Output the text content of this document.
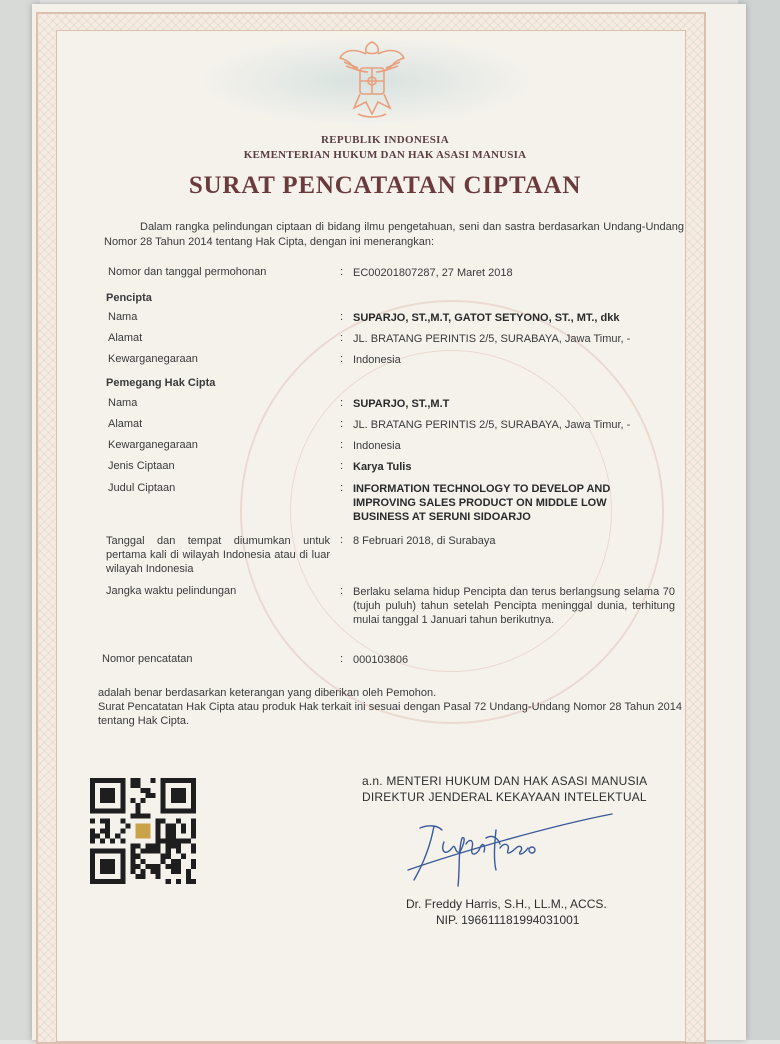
REPUBLIK INDONESIA
KEMENTERIAN HUKUM DAN HAK ASASI MANUSIA
SURAT PENCATATAN CIPTAAN
Dalam rangka pelindungan ciptaan di bidang ilmu pengetahuan, seni dan sastra berdasarkan Undang-Undang Nomor 28 Tahun 2014 tentang Hak Cipta, dengan ini menerangkan:
Nomor dan tanggal permohonan	: EC00201807287, 27 Maret 2018
Pencipta
Nama	: SUPARJO, ST.,M.T, GATOT SETYONO, ST., MT., dkk
Alamat	: JL. BRATANG PERINTIS 2/5, SURABAYA, Jawa Timur, -
Kewarganegaraan	: Indonesia
Pemegang Hak Cipta
Nama	: SUPARJO, ST.,M.T
Alamat	: JL. BRATANG PERINTIS 2/5, SURABAYA, Jawa Timur, -
Kewarganegaraan	: Indonesia
Jenis Ciptaan	: Karya Tulis
Judul Ciptaan	: INFORMATION TECHNOLOGY TO DEVELOP AND IMPROVING SALES PRODUCT ON MIDDLE LOW BUSINESS AT SERUNI SIDOARJO
Tanggal dan tempat diumumkan untuk pertama kali di wilayah Indonesia atau di luar wilayah Indonesia
: 8 Februari 2018, di Surabaya
Jangka waktu pelindungan	: Berlaku selama hidup Pencipta dan terus berlangsung selama 70 (tujuh puluh) tahun setelah Pencipta meninggal dunia, terhitung mulai tanggal 1 Januari tahun berikutnya.
Nomor pencatatan	: 000103806
adalah benar berdasarkan keterangan yang diberikan oleh Pemohon.
Surat Pencatatan Hak Cipta atau produk Hak terkait ini sesuai dengan Pasal 72 Undang-Undang Nomor 28 Tahun 2014 tentang Hak Cipta.
a.n. MENTERI HUKUM DAN HAK ASASI MANUSIA
DIREKTUR JENDERAL KEKAYAAN INTELEKTUAL
Dr. Freddy Harris, S.H., LL.M., ACCS.
NIP. 196611181994031001
